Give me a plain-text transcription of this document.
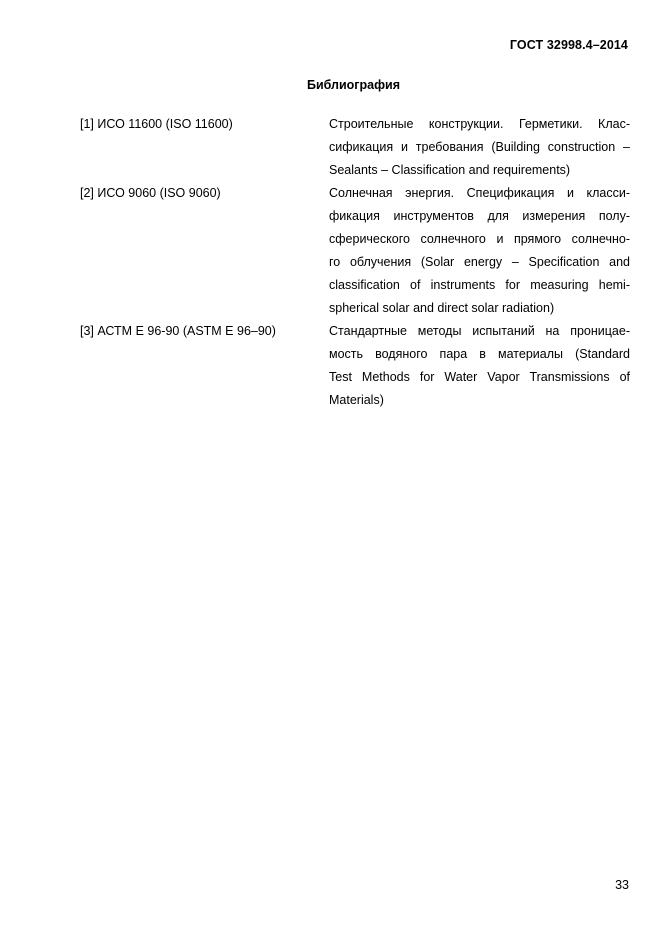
ГОСТ 32998.4–2014
Библиография
[1] ИСО 11600 (ISO 11600)	Строительные конструкции. Герметики. Клас-
сификация и требования (Building construction –
Sealants – Classification and requirements)
[2] ИСО 9060 (ISO 9060)	Солнечная энергия. Спецификация и класси-
фикация инструментов для измерения полу-
сферического солнечного и прямого солнечно-
го облучения (Solar energy – Specification and
classification of instruments for measuring hemi-
spherical solar and direct solar radiation)
[3] АСТМ Е 96-90 (ASTM E 96–90)	Стандартные методы испытаний на проницае-
мость водяного пара в материалы (Standard
Test Methods for Water Vapor Transmissions of
Materials)
33
